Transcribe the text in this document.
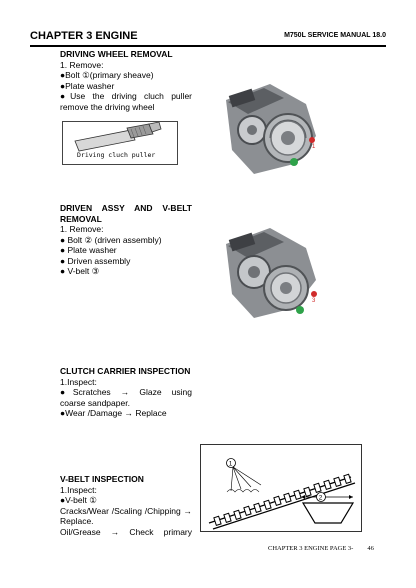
CHAPTER 3 ENGINE	M750L SERVICE MANUAL 18.0
DRIVING WHEEL REMOVAL
1. Remove:
●Bolt ①(primary sheave)
●Plate washer
●Use the driving cluch puller
remove the driving wheel
Driving cluch puller
1
DRIVEN ASSY AND V-BELT
REMOVAL
1. Remove:
● Bolt ② (driven assembly)
● Plate washer
● Driven assembly
● V-belt ③
3
CLUTCH CARRIER INSPECTION
1.Inspect:
●Scratches → Glaze using
coarse sandpaper.
●Wear /Damage → Replace
V-BELT INSPECTION
1.Inspect:
●V-belt ①
Cracks/Wear /Scaling /Chipping →
Replace.
Oil/Grease → Check primary
1
2
CHAPTER 3 ENGINE PAGE 3- 46
